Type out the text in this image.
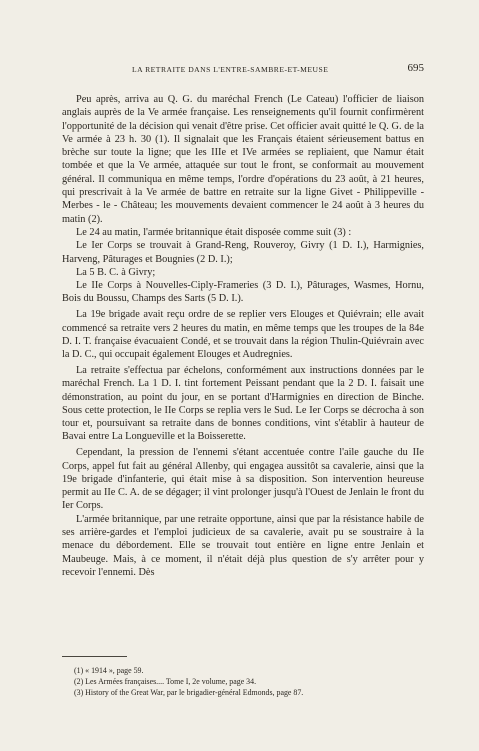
LA RETRAITE DANS L'ENTRE-SAMBRE-ET-MEUSE	695

Peu après, arriva au Q. G. du maréchal French (Le Cateau) l'officier de liaison anglais auprès de la Ve armée française. Les renseignements qu'il fournit confirmèrent l'opportunité de la décision qui venait d'être prise. Cet officier avait quitté le Q. G. de la Ve armée à 23 h. 30 (1). Il signalait que les Français étaient sérieusement battus en brèche sur toute la ligne; que les IIIe et IVe armées se repliaient, que Namur était tombée et que la Ve armée, attaquée sur tout le front, se conformait au mouvement général. Il communiqua en même temps, l'ordre d'opérations du 23 août, à 21 heures, qui prescrivait à la Ve armée de battre en retraite sur la ligne Givet - Philippeville - Merbes - le - Château; les mouvements devaient commencer le 24 août à 3 heures du matin (2).

Le 24 au matin, l'armée britannique était disposée comme suit (3) :

Le Ier Corps se trouvait à Grand-Reng, Rouveroy, Givry (1 D. I.), Harmignies, Harveng, Pâturages et Bougnies (2 D. I.);

La 5 B. C. à Givry;

Le IIe Corps à Nouvelles-Ciply-Frameries (3 D. I.), Pâturages, Wasmes, Hornu, Bois du Boussu, Champs des Sarts (5 D. I.).

La 19e brigade avait reçu ordre de se replier vers Elouges et Quiévrain; elle avait commencé sa retraite vers 2 heures du matin, en même temps que les troupes de la 84e D. I. T. française évacuaient Condé, et se trouvait dans la région Thulin-Quiévrain avec la D. C., qui occupait également Elouges et Audregnies.

La retraite s'effectua par échelons, conformément aux instructions données par le maréchal French. La 1 D. I. tint fortement Peissant pendant que la 2 D. I. faisait une démonstration, au point du jour, en se portant d'Harmignies en direction de Binche. Sous cette protection, le IIe Corps se replia vers le Sud. Le Ier Corps se décrocha à son tour et, poursuivant sa retraite dans de bonnes conditions, vint s'établir à hauteur de Bavai entre La Longueville et la Boisserette.

Cependant, la pression de l'ennemi s'étant accentuée contre l'aile gauche du IIe Corps, appel fut fait au général Allenby, qui engagea aussitôt sa cavalerie, ainsi que la 19e brigade d'infanterie, qui était mise à sa disposition. Son intervention heureuse permit au IIe C. A. de se dégager; il vint prolonger jusqu'à l'Ouest de Jenlain le front du Ier Corps.

L'armée britannique, par une retraite opportune, ainsi que par la résistance habile de ses arrière-gardes et l'emploi judicieux de sa cavalerie, avait pu se soustraire à la menace du débordement. Elle se trouvait tout entière en ligne entre Jenlain et Maubeuge. Mais, à ce moment, il n'était déjà plus question de s'y arrêter pour y recevoir l'ennemi. Dès

(1) « 1914 », page 59.
(2) Les Armées françaises.... Tome I, 2e volume, page 34.
(3) History of the Great War, par le brigadier-général Edmonds, page 87.
